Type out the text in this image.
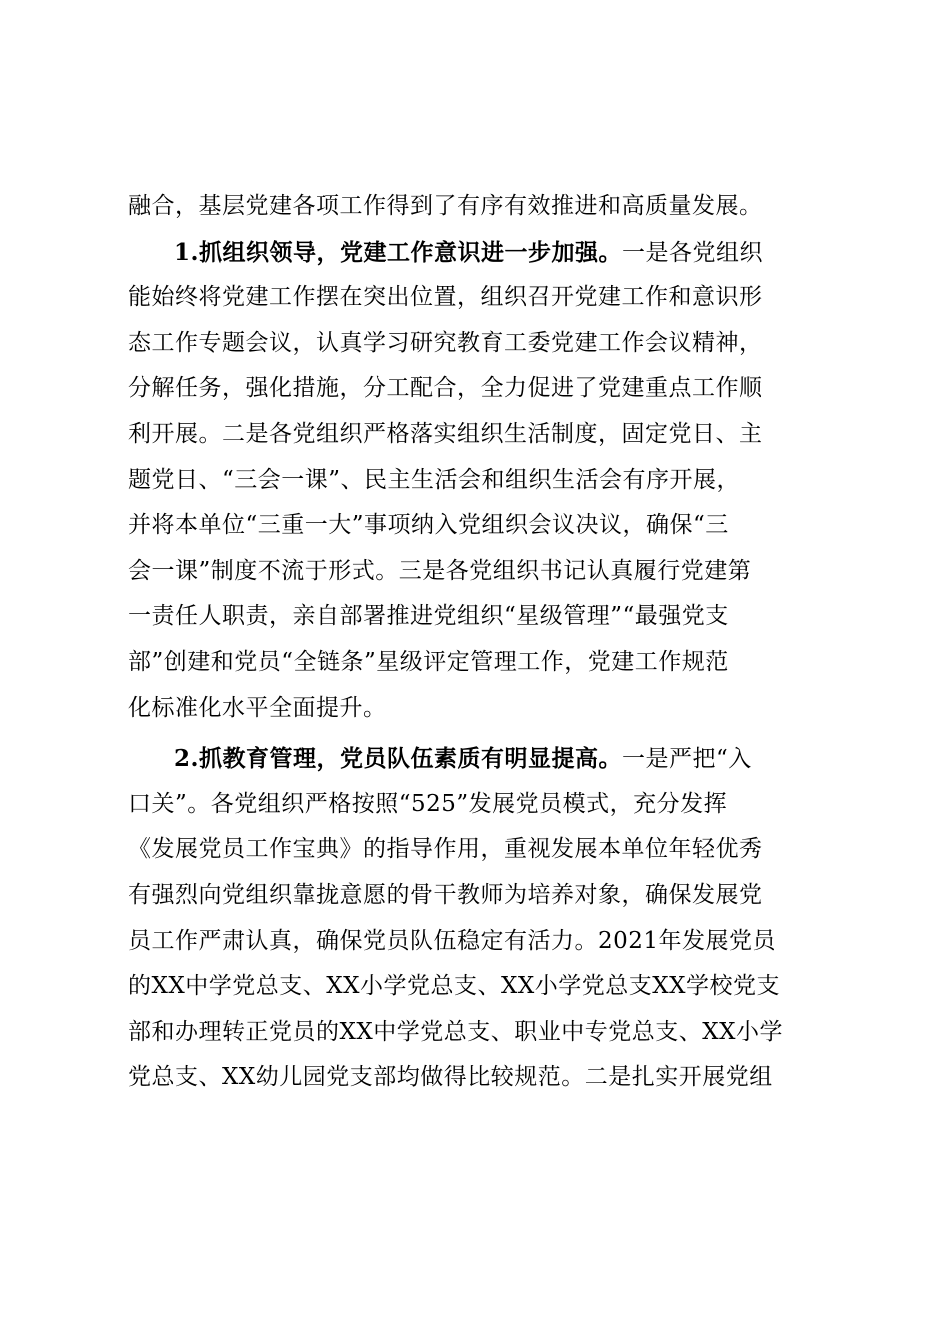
融合，基层党建各项工作得到了有序有效推进和高质量发展。
1.抓组织领导，党建工作意识进一步加强。一是各党组织
能始终将党建工作摆在突出位置，组织召开党建工作和意识形
态工作专题会议，认真学习研究教育工委党建工作会议精神，
分解任务，强化措施，分工配合，全力促进了党建重点工作顺
利开展。二是各党组织严格落实组织生活制度，固定党日、主
题党日、“三会一课”、民主生活会和组织生活会有序开展，
并将本单位“三重一大”事项纳入党组织会议决议，确保“三
会一课”制度不流于形式。三是各党组织书记认真履行党建第
一责任人职责，亲自部署推进党组织“星级管理”“最强党支
部”创建和党员“全链条”星级评定管理工作，党建工作规范
化标准化水平全面提升。
2.抓教育管理，党员队伍素质有明显提高。一是严把“入
口关”。各党组织严格按照“525”发展党员模式，充分发挥
《发展党员工作宝典》的指导作用，重视发展本单位年轻优秀
有强烈向党组织靠拢意愿的骨干教师为培养对象，确保发展党
员工作严肃认真，确保党员队伍稳定有活力。2021年发展党员
的XX中学党总支、XX小学党总支、XX小学党总支XX学校党支
部和办理转正党员的XX中学党总支、职业中专党总支、XX小学
党总支、XX幼儿园党支部均做得比较规范。二是扎实开展党组
